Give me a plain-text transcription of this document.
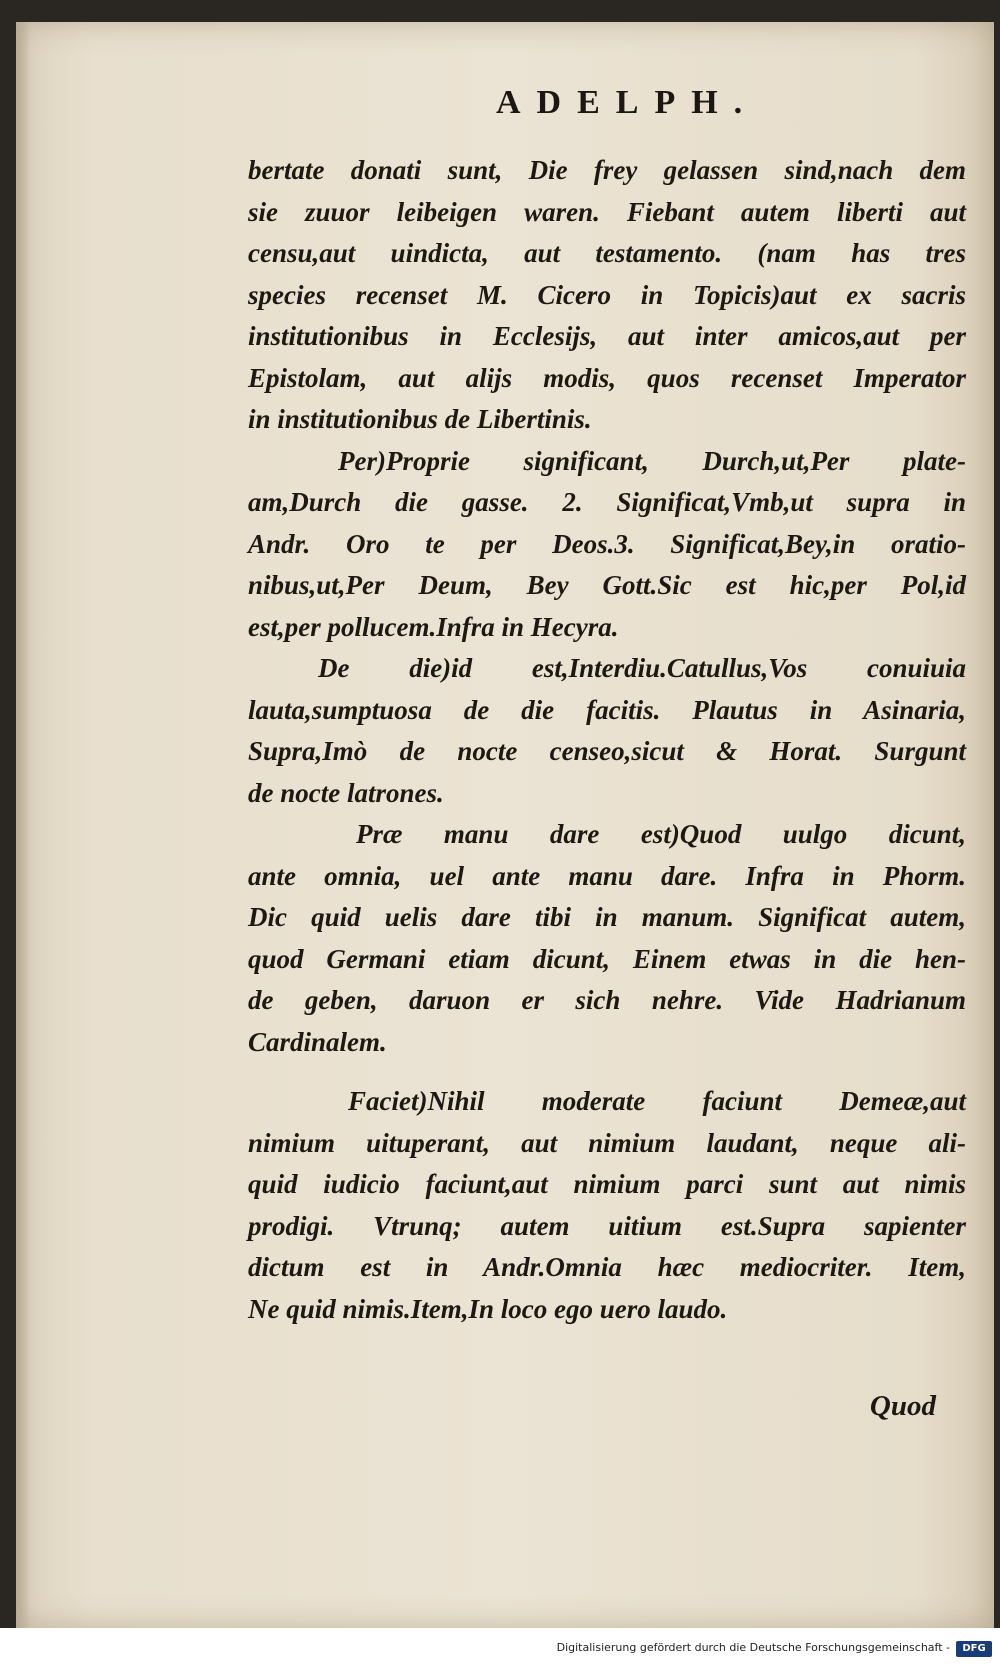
ADELPH.
bertate donati sunt, Die frey gelassen sind,nach dem
sie zuuor leibeigen waren. Fiebant autem liberti aut
censu,aut uindicta, aut testamento. (nam has tres
species recenset M. Cicero in Topicis)aut ex sacris
institutionibus in Ecclesijs, aut inter amicos,aut per
Epistolam, aut alijs modis, quos recenset Imperator
in institutionibus de Libertinis.
Per)Proprie significant, Durch,ut,Per plate-
am,Durch die gasse. 2. Significat,Vmb,ut supra in
Andr. Oro te per Deos.3. Significat,Bey,in oratio-
nibus,ut,Per Deum, Bey Gott.Sic est hic,per Pol,id
est,per pollucem.Infra in Hecyra.
De die)id est,Interdiu.Catullus,Vos conuiuia
lauta,sumptuosa de die facitis. Plautus in Asinaria,
Supra,Imò de nocte censeo,sicut & Horat. Surgunt
de nocte latrones.
Præ manu dare est)Quod uulgo dicunt,
ante omnia, uel ante manu dare. Infra in Phorm.
Dic quid uelis dare tibi in manum. Significat autem,
quod Germani etiam dicunt, Einem etwas in die hen-
de geben, daruon er sich nehre. Vide Hadrianum
Cardinalem.
Faciet)Nihil moderate faciunt Demeæ,aut
nimium uituperant, aut nimium laudant, neque ali-
quid iudicio faciunt,aut nimium parci sunt aut nimis
prodigi. Vtrunq; autem uitium est.Supra sapienter
dictum est in Andr.Omnia hæc mediocriter. Item,
Ne quid nimis.Item,In loco ego uero laudo.
Quod
Digitalisierung gefördert durch die Deutsche Forschungsgemeinschaft -	DFG
